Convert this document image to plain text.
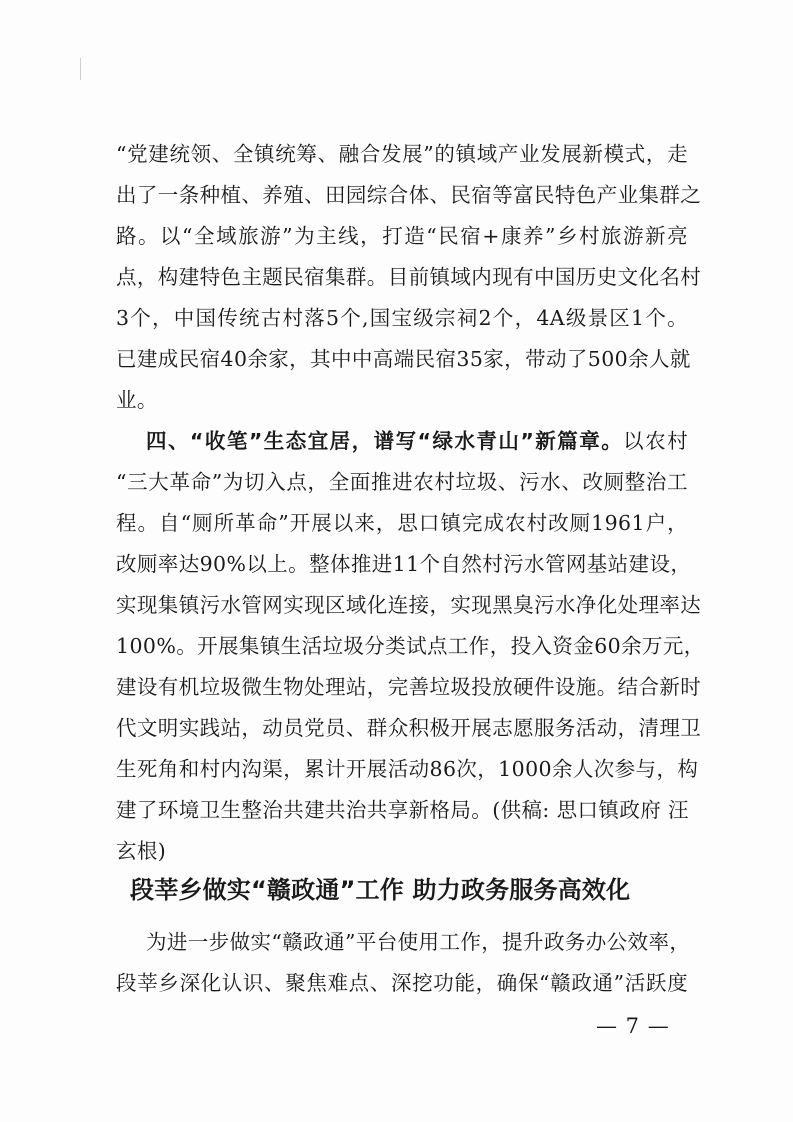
“党建统领、全镇统筹、融合发展”的镇域产业发展新模式，走
出了一条种植、养殖、田园综合体、民宿等富民特色产业集群之
路。以“全域旅游”为主线，打造“民宿+康养”乡村旅游新亮
点，构建特色主题民宿集群。目前镇域内现有中国历史文化名村
3个，中国传统古村落5个,国宝级宗祠2个，4A级景区1个。
已建成民宿40余家，其中中高端民宿35家，带动了500余人就
业。
四、“收笔”生态宜居，谱写“绿水青山”新篇章。以农村
“三大革命”为切入点，全面推进农村垃圾、污水、改厕整治工
程。自“厕所革命”开展以来，思口镇完成农村改厕1961户，
改厕率达90%以上。整体推进11个自然村污水管网基站建设，
实现集镇污水管网实现区域化连接，实现黑臭污水净化处理率达
100%。开展集镇生活垃圾分类试点工作，投入资金60余万元，
建设有机垃圾微生物处理站，完善垃圾投放硬件设施。结合新时
代文明实践站，动员党员、群众积极开展志愿服务活动，清理卫
生死角和村内沟渠，累计开展活动86次，1000余人次参与，构
建了环境卫生整治共建共治共享新格局。(供稿: 思口镇政府 汪
玄根)
段莘乡做实“赣政通”工作 助力政务服务高效化
为进一步做实“赣政通”平台使用工作，提升政务办公效率，
段莘乡深化认识、聚焦难点、深挖功能，确保“赣政通”活跃度
— 7 —
